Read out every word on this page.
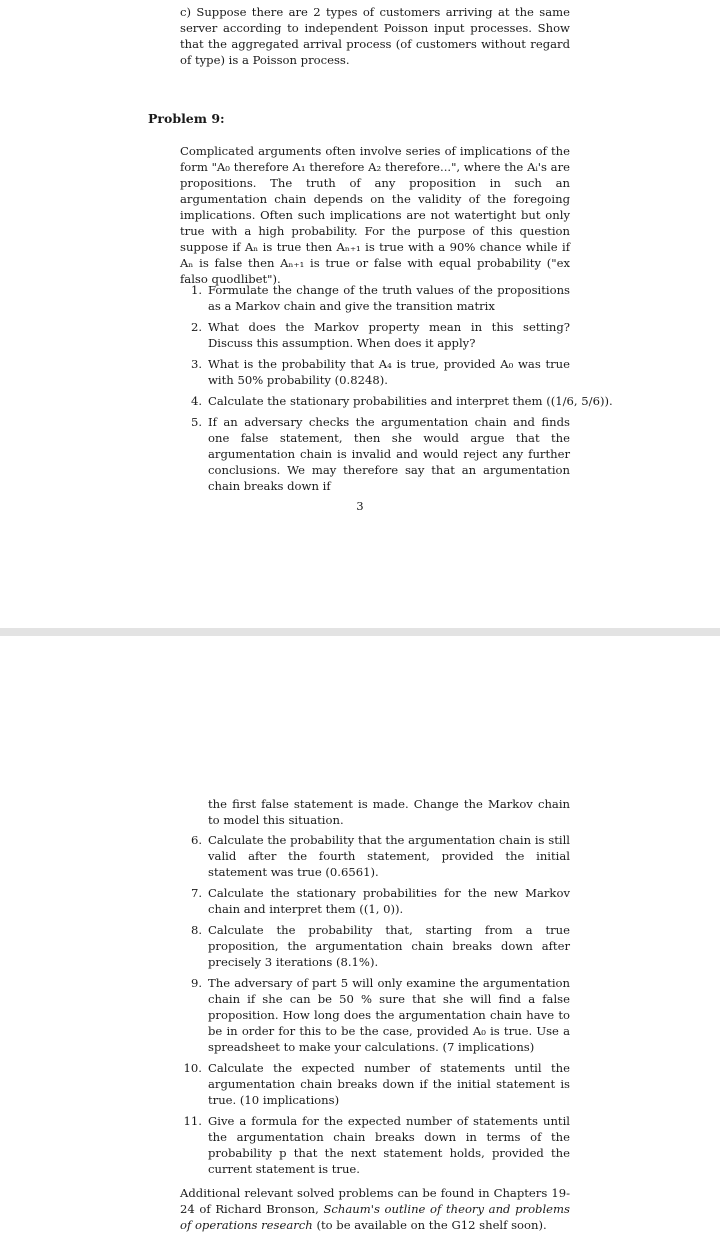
c) Suppose there are 2 types of customers arriving at the same server according to independent Poisson input processes. Show that the aggregated arrival process (of customers without regard of type) is a Poisson process.
Problem 9:
Complicated arguments often involve series of implications of the form "A₀ therefore A₁ therefore A₂ therefore...", where the Aᵢ's are propositions. The truth of any proposition in such an argumentation chain depends on the validity of the foregoing implications. Often such implications are not watertight but only true with a high probability. For the purpose of this question suppose if Aₙ is true then Aₙ₊₁ is true with a 90% chance while if Aₙ is false then Aₙ₊₁ is true or false with equal probability ("ex falso quodlibet").
1. Formulate the change of the truth values of the propositions as a Markov chain and give the transition matrix
2. What does the Markov property mean in this setting? Discuss this assumption. When does it apply?
3. What is the probability that A₄ is true, provided A₀ was true with 50% probability (0.8248).
4. Calculate the stationary probabilities and interpret them ((1/6, 5/6)).
5. If an adversary checks the argumentation chain and finds one false statement, then she would argue that the argumentation chain is invalid and would reject any further conclusions. We may therefore say that an argumentation chain breaks down if
3
the first false statement is made. Change the Markov chain to model this situation.
6. Calculate the probability that the argumentation chain is still valid after the fourth statement, provided the initial statement was true (0.6561).
7. Calculate the stationary probabilities for the new Markov chain and interpret them ((1, 0)).
8. Calculate the probability that, starting from a true proposition, the argumentation chain breaks down after precisely 3 iterations (8.1%).
9. The adversary of part 5 will only examine the argumentation chain if she can be 50 % sure that she will find a false proposition. How long does the argumentation chain have to be in order for this to be the case, provided A₀ is true. Use a spreadsheet to make your calculations. (7 implications)
10. Calculate the expected number of statements until the argumentation chain breaks down if the initial statement is true. (10 implications)
11. Give a formula for the expected number of statements until the argumentation chain breaks down in terms of the probability p that the next statement holds, provided the current statement is true.
Additional relevant solved problems can be found in Chapters 19-24 of Richard Bronson, Schaum's outline of theory and problems of operations research (to be available on the G12 shelf soon).
